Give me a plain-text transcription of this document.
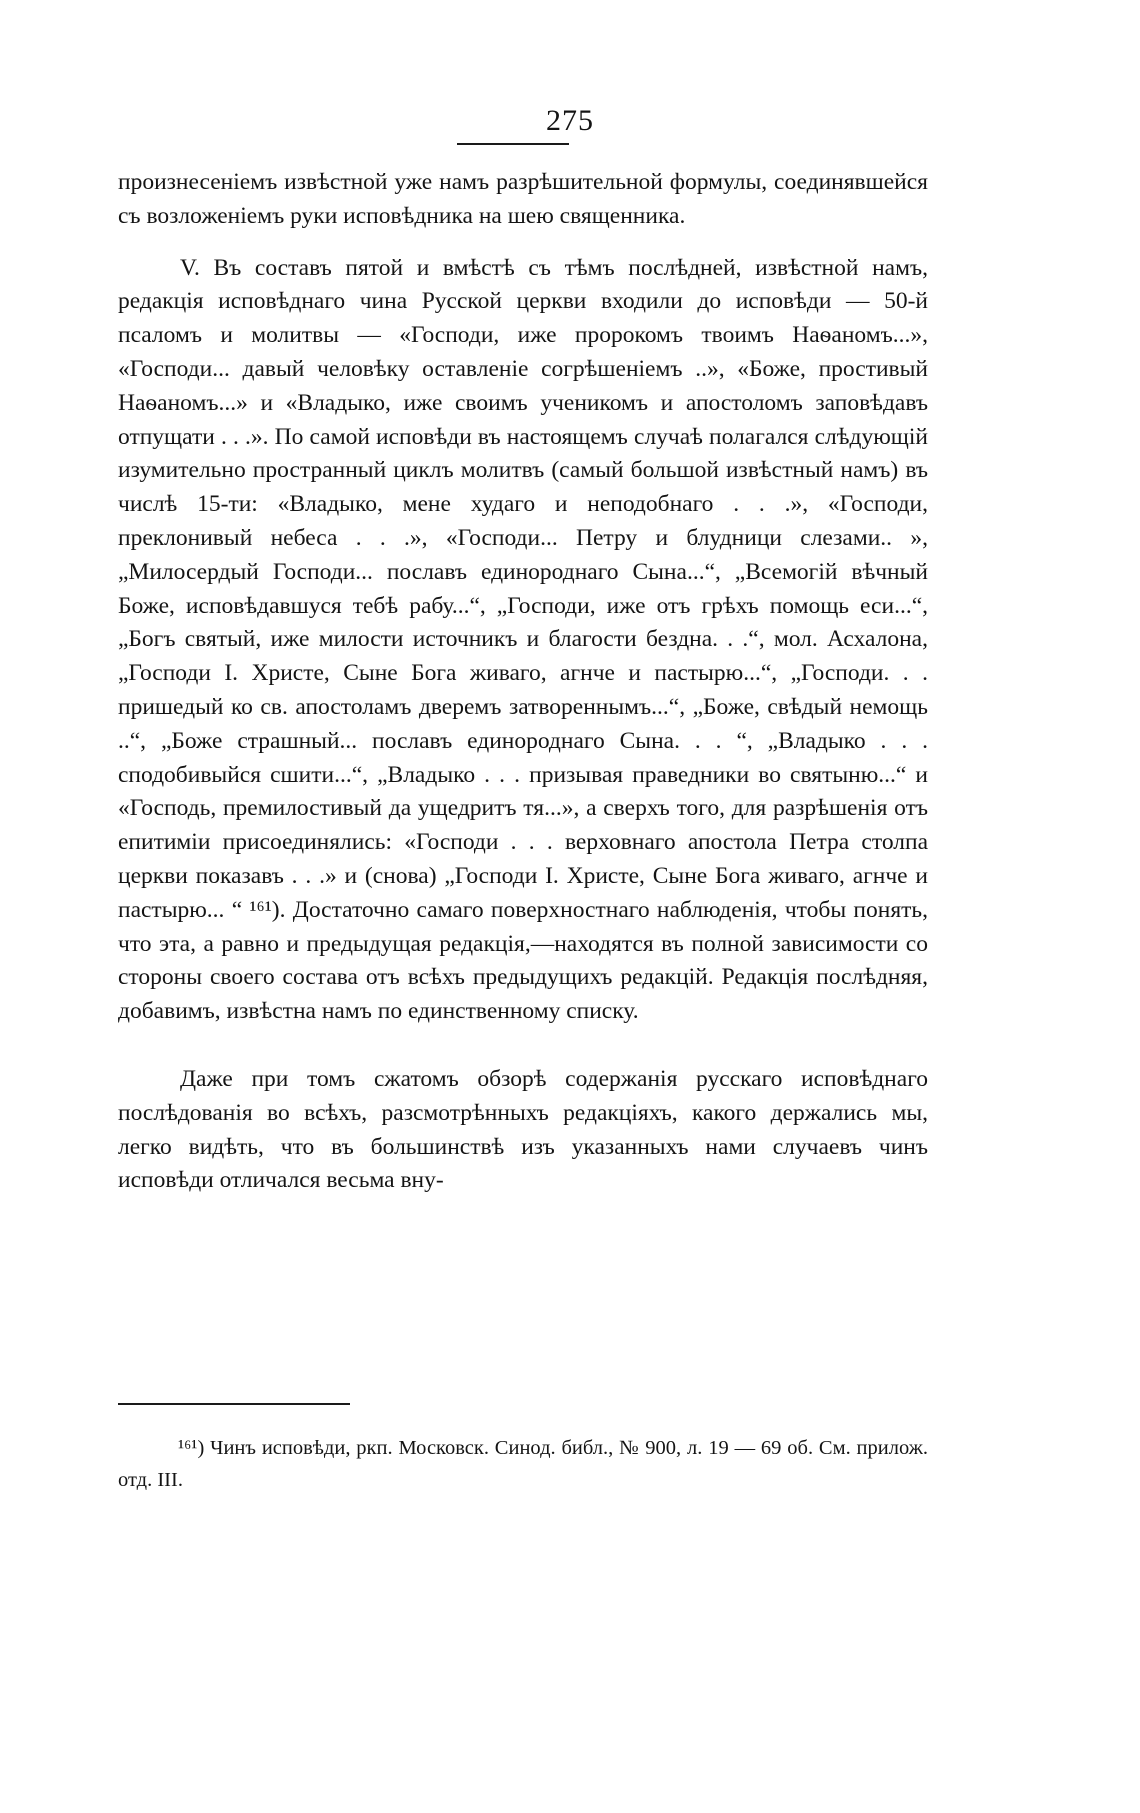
275

произнесеніемъ извѣстной уже намъ разрѣшительной формулы, соединявшейся съ возложеніемъ руки исповѣдника на шею священника.

V. Въ составъ пятой и вмѣстѣ съ тѣмъ послѣдней, извѣстной намъ, редакція исповѣднаго чина Русской церкви входили до исповѣди — 50-й псаломъ и молитвы — «Господи, иже пророкомъ твоимъ Наѳаномъ...», «Господи... давый человѣку оставленіе согрѣшеніемъ ..», «Боже, простивый Наѳаномъ...» и «Владыко, иже своимъ ученикомъ и апостоломъ заповѣдавъ отпущати . . .». По самой исповѣди въ настоящемъ случаѣ полагался слѣдующій изумительно пространный циклъ молитвъ (самый большой извѣстный намъ) въ числѣ 15-ти: «Владыко, мене худаго и неподобнаго . . .», «Господи, преклонивый небеса . . .», «Господи... Петру и блудници слезами.. », „Милосердый Господи... пославъ единороднаго Сына...“, „Всемогій вѣчный Боже, исповѣдавшуся тебѣ рабу...“, „Господи, иже отъ грѣхъ помощь еси...“, „Богъ святый, иже милости источникъ и благости бездна. . .“, мол. Асхалона, „Господи І. Христе, Сыне Бога живаго, агнче и пастырю...“, „Господи. . . пришедый ко св. апостоламъ дверемъ затвореннымъ...“, „Боже, свѣдый немощь ..“, „Боже страшный... пославъ единороднаго Сына. . . “, „Владыко . . . сподобивыйся сшити...“, „Владыко . . . призывая праведники во святыню...“ и «Господь, премилостивый да ущедритъ тя...», а сверхъ того, для разрѣшенія отъ епитиміи присоединялись: «Господи . . . верховнаго апостола Петра столпа церкви показавъ . . .» и (снова) „Господи І. Христе, Сыне Бога живаго, агнче и пастырю... “ ¹⁶¹). Достаточно самаго поверхностнаго наблюденія, чтобы понять, что эта, а равно и предыдущая редакція,—находятся въ полной зависимости со стороны своего состава отъ всѣхъ предыдущихъ редакцій. Редакція послѣдняя, добавимъ, извѣстна намъ по единственному списку.

Даже при томъ сжатомъ обзорѣ содержанія русскаго исповѣднаго послѣдованія во всѣхъ, разсмотрѣнныхъ редакціяхъ, какого держались мы, легко видѣть, что въ большинствѣ изъ указанныхъ нами случаевъ чинъ исповѣди отличался весьма вну-

¹⁶¹) Чинъ исповѣди, ркп. Московск. Синод. библ., № 900, л. 19 — 69 об. См. прилож. отд. III.
